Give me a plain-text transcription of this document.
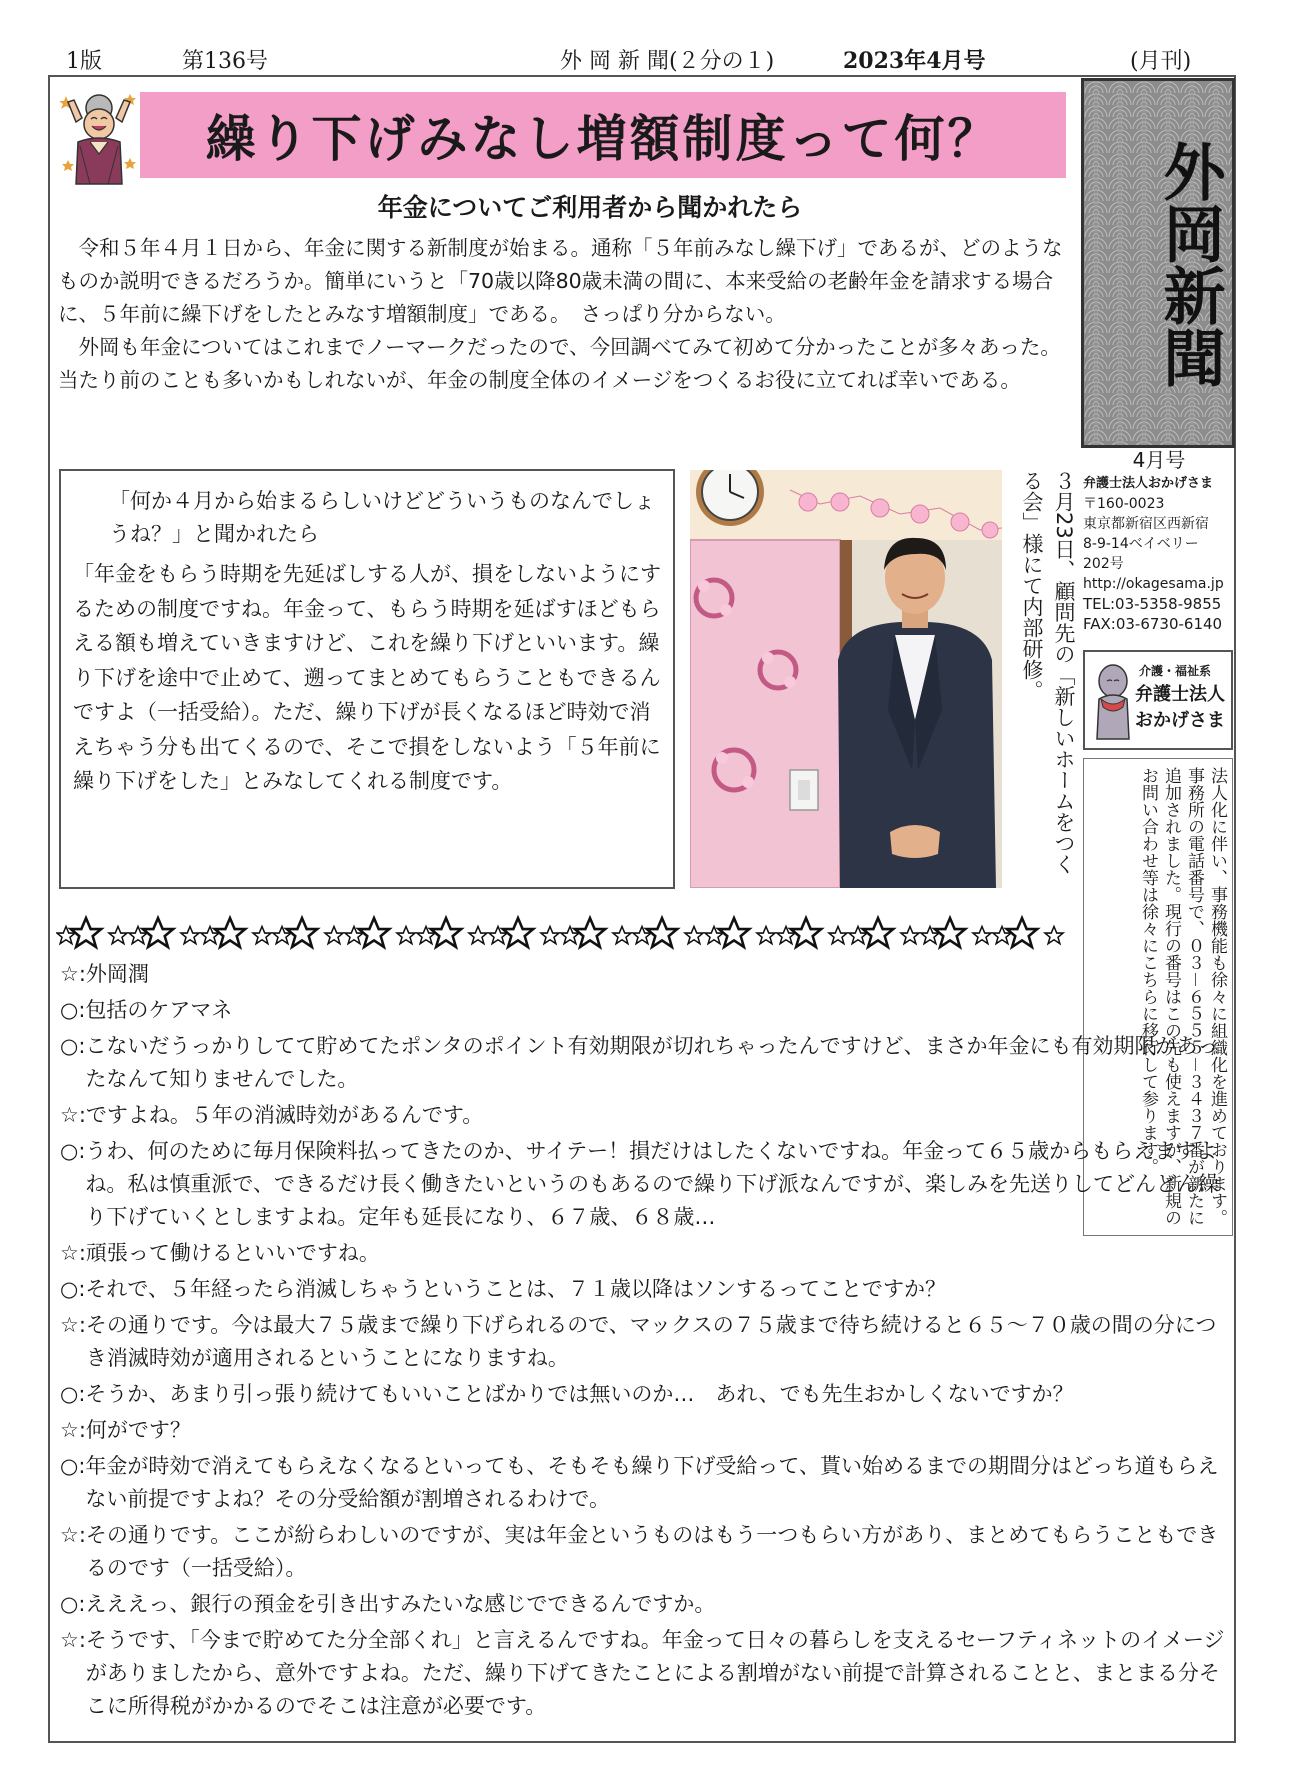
1版	第136号	外 岡 新 聞(２分の１)	2023年4月号	(月刊)
繰り下げみなし増額制度って何？
年金についてご利用者から聞かれたら

令和５年４月１日から、年金に関する新制度が始まる。通称「５年前みなし繰下げ」であるが、どのようなものか説明できるだろうか。簡単にいうと「70歳以降80歳未満の間に、本来受給の老齢年金を請求する場合に、５年前に繰下げをしたとみなす増額制度」である。　さっぱり分からない。

外岡も年金についてはこれまでノーマークだったので、今回調べてみて初めて分かったことが多々あった。当たり前のことも多いかもしれないが、年金の制度全体のイメージをつくるお役に立てれば幸いである。

「何か４月から始まるらしいけどどういうものなんでしょうね？」と聞かれたら

「年金をもらう時期を先延ばしする人が、損をしないようにするための制度ですね。年金って、もらう時期を延ばすほどもらえる額も増えていきますけど、これを繰り下げといいます。繰り下げを途中で止めて、遡ってまとめてもらうこともできるんですよ（一括受給）。ただ、繰り下げが長くなるほど時効で消えちゃう分も出てくるので、そこで損をしないよう「５年前に繰り下げをした」とみなしてくれる制度です。	３月23日、顧問先の「新しいホームをつくる会」様にて内部研修。
外岡新聞
4月号
弁護士法人おかげさま
〒160-0023
東京都新宿区西新宿
8-9-14ベイベリー
202号
http://okagesama.jp
TEL:03-5358-9855
FAX:03-6730-6140
介護・福祉系
弁護士法人おかげさま
法人化に伴い、事務機能も徐々に組織化を進めております。事務所の電話番号で、０３－６５５５－３４３７番が新たに追加されました。現行の番号はこの先も使えますが、新規のお問い合わせ等は徐々にこちらに移行して参ります。
☆: 外岡潤
○: 包括のケアマネ
○: こないだうっかりしてて貯めてたポンタのポイント有効期限が切れちゃったんですけど、まさか年金にも有効期限があったなんて知りませんでした。
☆: ですよね。５年の消滅時効があるんです。
○: うわ、何のために毎月保険料払ってきたのか、サイテー！損だけはしたくないですね。年金って６５歳からもらえますよね。私は慎重派で、できるだけ長く働きたいというのもあるので繰り下げ派なんですが、楽しみを先送りしてどんどん繰り下げていくとしますよね。定年も延長になり、６７歳、６８歳…
☆: 頑張って働けるといいですね。
○: それで、５年経ったら消滅しちゃうということは、７１歳以降はソンするってことですか？
☆: その通りです。今は最大７５歳まで繰り下げられるので、マックスの７５歳まで待ち続けると６５～７０歳の間の分につき消滅時効が適用されるということになりますね。
○: そうか、あまり引っ張り続けてもいいことばかりでは無いのか…　あれ、でも先生おかしくないですか？
☆: 何がです？
○: 年金が時効で消えてもらえなくなるといっても、そもそも繰り下げ受給って、貰い始めるまでの期間分はどっち道もらえない前提ですよね？その分受給額が割増されるわけで。
☆: その通りです。ここが紛らわしいのですが、実は年金というものはもう一つもらい方があり、まとめてもらうこともできるのです（一括受給）。
○: えええっ、銀行の預金を引き出すみたいな感じでできるんですか。
☆: そうです、「今まで貯めてた分全部くれ」と言えるんですね。年金って日々の暮らしを支えるセーフティネットのイメージがありましたから、意外ですよね。ただ、繰り下げてきたことによる割増がない前提で計算されることと、まとまる分そこに所得税がかかるのでそこは注意が必要です。
